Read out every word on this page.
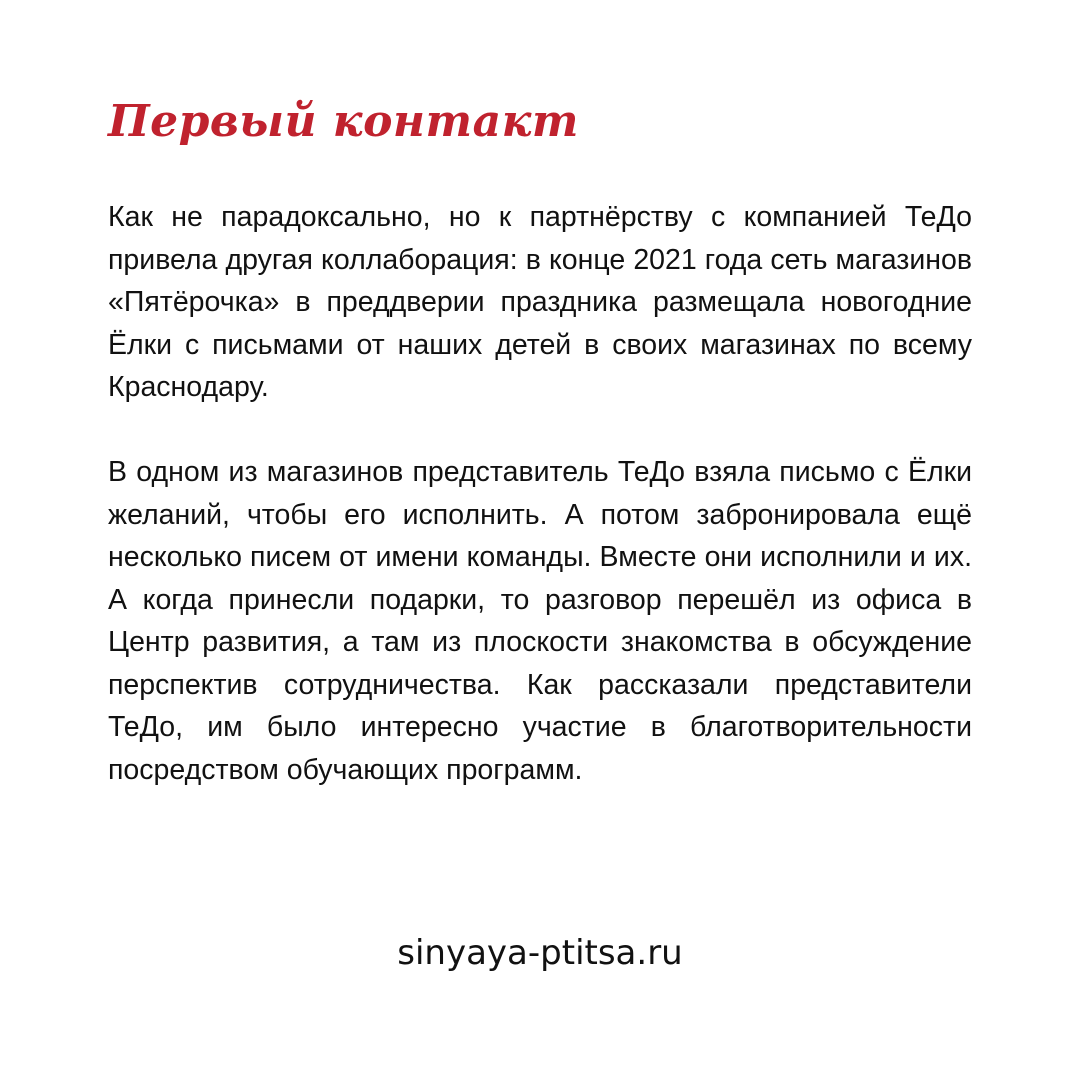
Первый контакт

Как не парадоксально, но к партнёрству с компанией ТеДо привела другая коллаборация: в конце 2021 года сеть магазинов «Пятёрочка» в преддверии праздника размещала новогодние Ёлки с письмами от наших детей в своих магазинах по всему Краснодару.

В одном из магазинов представитель ТеДо взяла письмо с Ёлки желаний, чтобы его исполнить. А потом забронировала ещё несколько писем от имени команды. Вместе они исполнили и их. А когда принесли подарки, то разговор перешёл из офиса в Центр развития, а там из плоскости знакомства в обсуждение перспектив сотрудничества. Как рассказали представители ТеДо, им было интересно участие в благотворительности посредством обучающих программ.

sinyaya-ptitsa.ru
